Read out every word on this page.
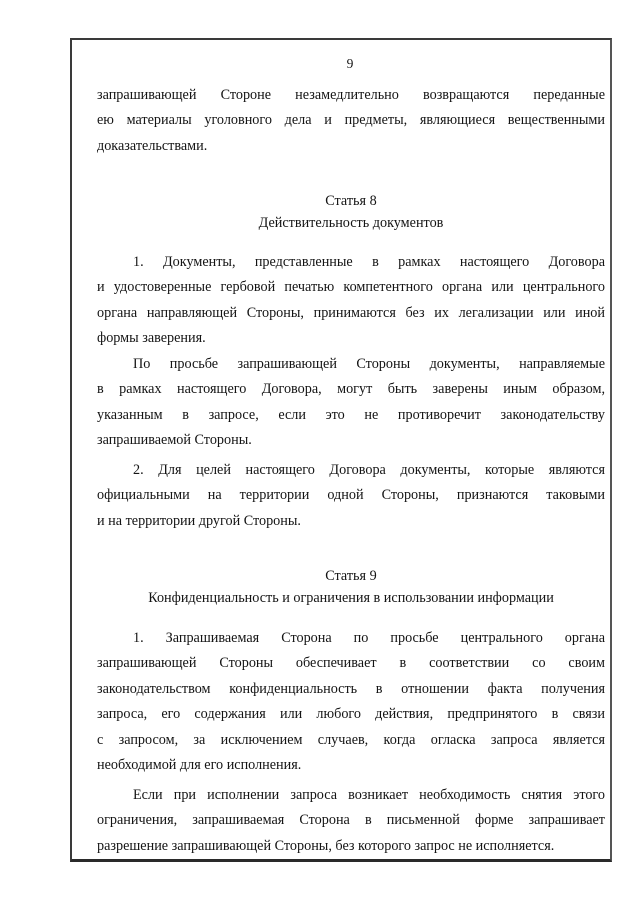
9
запрашивающей Стороне незамедлительно возвращаются переданные
ею материалы уголовного дела и предметы, являющиеся вещественными
доказательствами.
Статья 8
Действительность документов
1. Документы, представленные в рамках настоящего Договора
и удостоверенные гербовой печатью компетентного органа или центрального
органа направляющей Стороны, принимаются без их легализации или иной
формы заверения.
По просьбе запрашивающей Стороны документы, направляемые
в рамках настоящего Договора, могут быть заверены иным образом,
указанным в запросе, если это не противоречит законодательству
запрашиваемой Стороны.
2. Для целей настоящего Договора документы, которые являются
официальными на территории одной Стороны, признаются таковыми
и на территории другой Стороны.
Статья 9
Конфиденциальность и ограничения в использовании информации
1. Запрашиваемая Сторона по просьбе центрального органа
запрашивающей Стороны обеспечивает в соответствии со своим
законодательством конфиденциальность в отношении факта получения
запроса, его содержания или любого действия, предпринятого в связи
с запросом, за исключением случаев, когда огласка запроса является
необходимой для его исполнения.
Если при исполнении запроса возникает необходимость снятия этого
ограничения, запрашиваемая Сторона в письменной форме запрашивает
разрешение запрашивающей Стороны, без которого запрос не исполняется.
